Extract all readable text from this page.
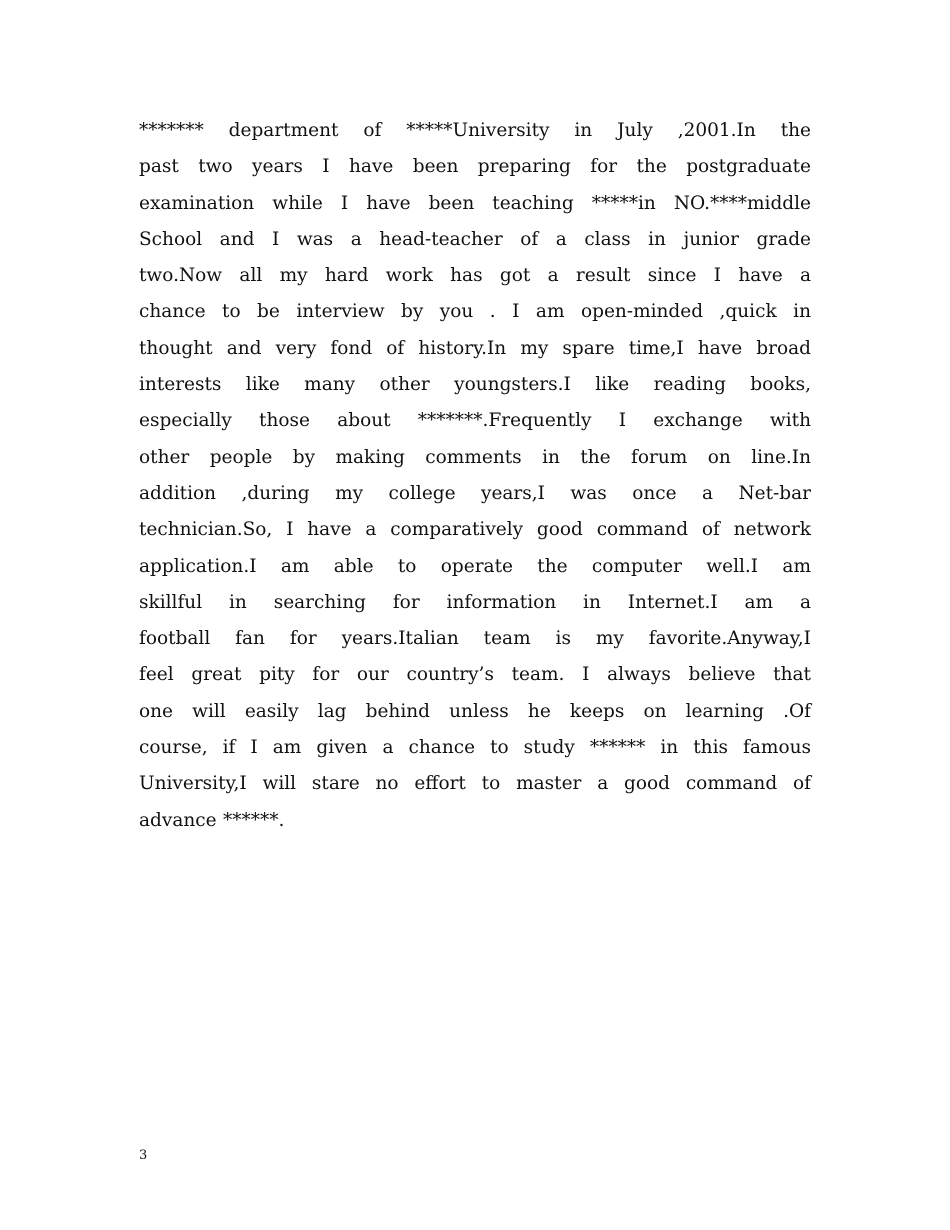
******* department of *****University in July ,2001.In the
past two years I have been preparing for the postgraduate
examination while I have been teaching *****in NO.****middle
School and I was a head-teacher of a class in junior grade
two.Now all my hard work has got a result since I have a
chance to be interview by you . I am open-minded ,quick in
thought and very fond of history.In my spare time,I have broad
interests like many other youngsters.I like reading books,
especially those about *******.Frequently I exchange with
other people by making comments in the forum on line.In
addition ,during my college years,I was once a Net-bar
technician.So, I have a comparatively good command of network
application.I am able to operate the computer well.I am
skillful in searching for information in Internet.I am a
football fan for years.Italian team is my favorite.Anyway,I
feel great pity for our country’s team. I always believe that
one will easily lag behind unless he keeps on learning .Of
course, if I am given a chance to study ****** in this famous
University,I will stare no effort to master a good command of
advance ******.
3
